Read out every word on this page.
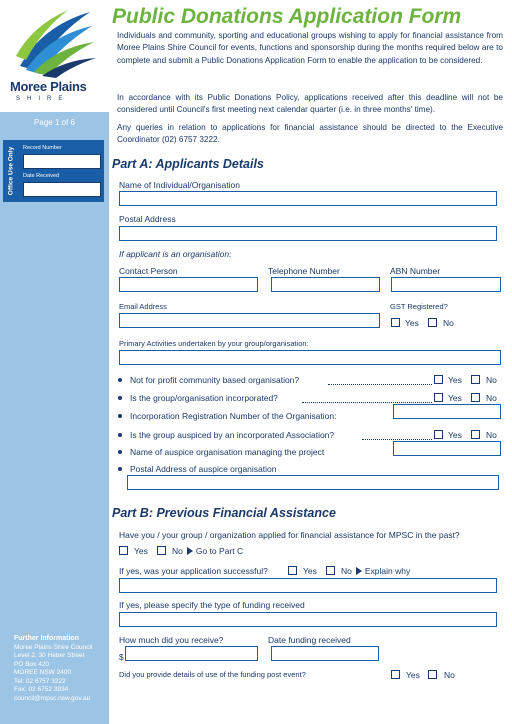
Moree Plains
SHIRE
Page 1 of 6
Office Use Only Record Number
Date Received
Further Information
Moree Plains Shire Council
Level 2, 30 Heber Street
PO Box 420
MOREE NSW 2400
Tel: 02 6757 3222
Fax: 02 6752 3934
council@mpsc.nsw.gov.au
Public Donations Application Form
Individuals and community, sporting and educational groups wishing to apply for financial assistance from Moree Plains Shire Council for events, functions and sponsorship during the months required below are to complete and submit a Public Donations Application Form to enable the application to be considered.
In accordance with its Public Donations Policy, applications received after this deadline will not be considered until Council's first meeting next calendar quarter (i.e. in three months' time).
Any queries in relation to applications for financial assistance should be directed to the Executive Coordinator (02) 6757 3222.
Part A: Applicants Details
Name of Individual/Organisation
Postal Address
If applicant is an organisation:
Contact Person	Telephone Number	ABN Number
Email Address	GST Registered?
Yes	No
Primary Activities undertaken by your group/organisation:
Not for profit community based organisation?	Yes	No
Is the group/organisation incorporated?	Yes	No
Incorporation Registration Number of the Organisation:
Is the group auspiced by an incorporated Association?	Yes	No
Name of auspice organisation managing the project
Postal Address of auspice organisation
Part B: Previous Financial Assistance
Have you / your group / organization applied for financial assistance for MPSC in the past?
Yes	No Go to Part C
If yes, was your application successful?	Yes	No Explain why
If yes, please specify the type of funding received
How much did you receive?	Date funding received
$
Did you provide details of use of the funding post event?	Yes	No
